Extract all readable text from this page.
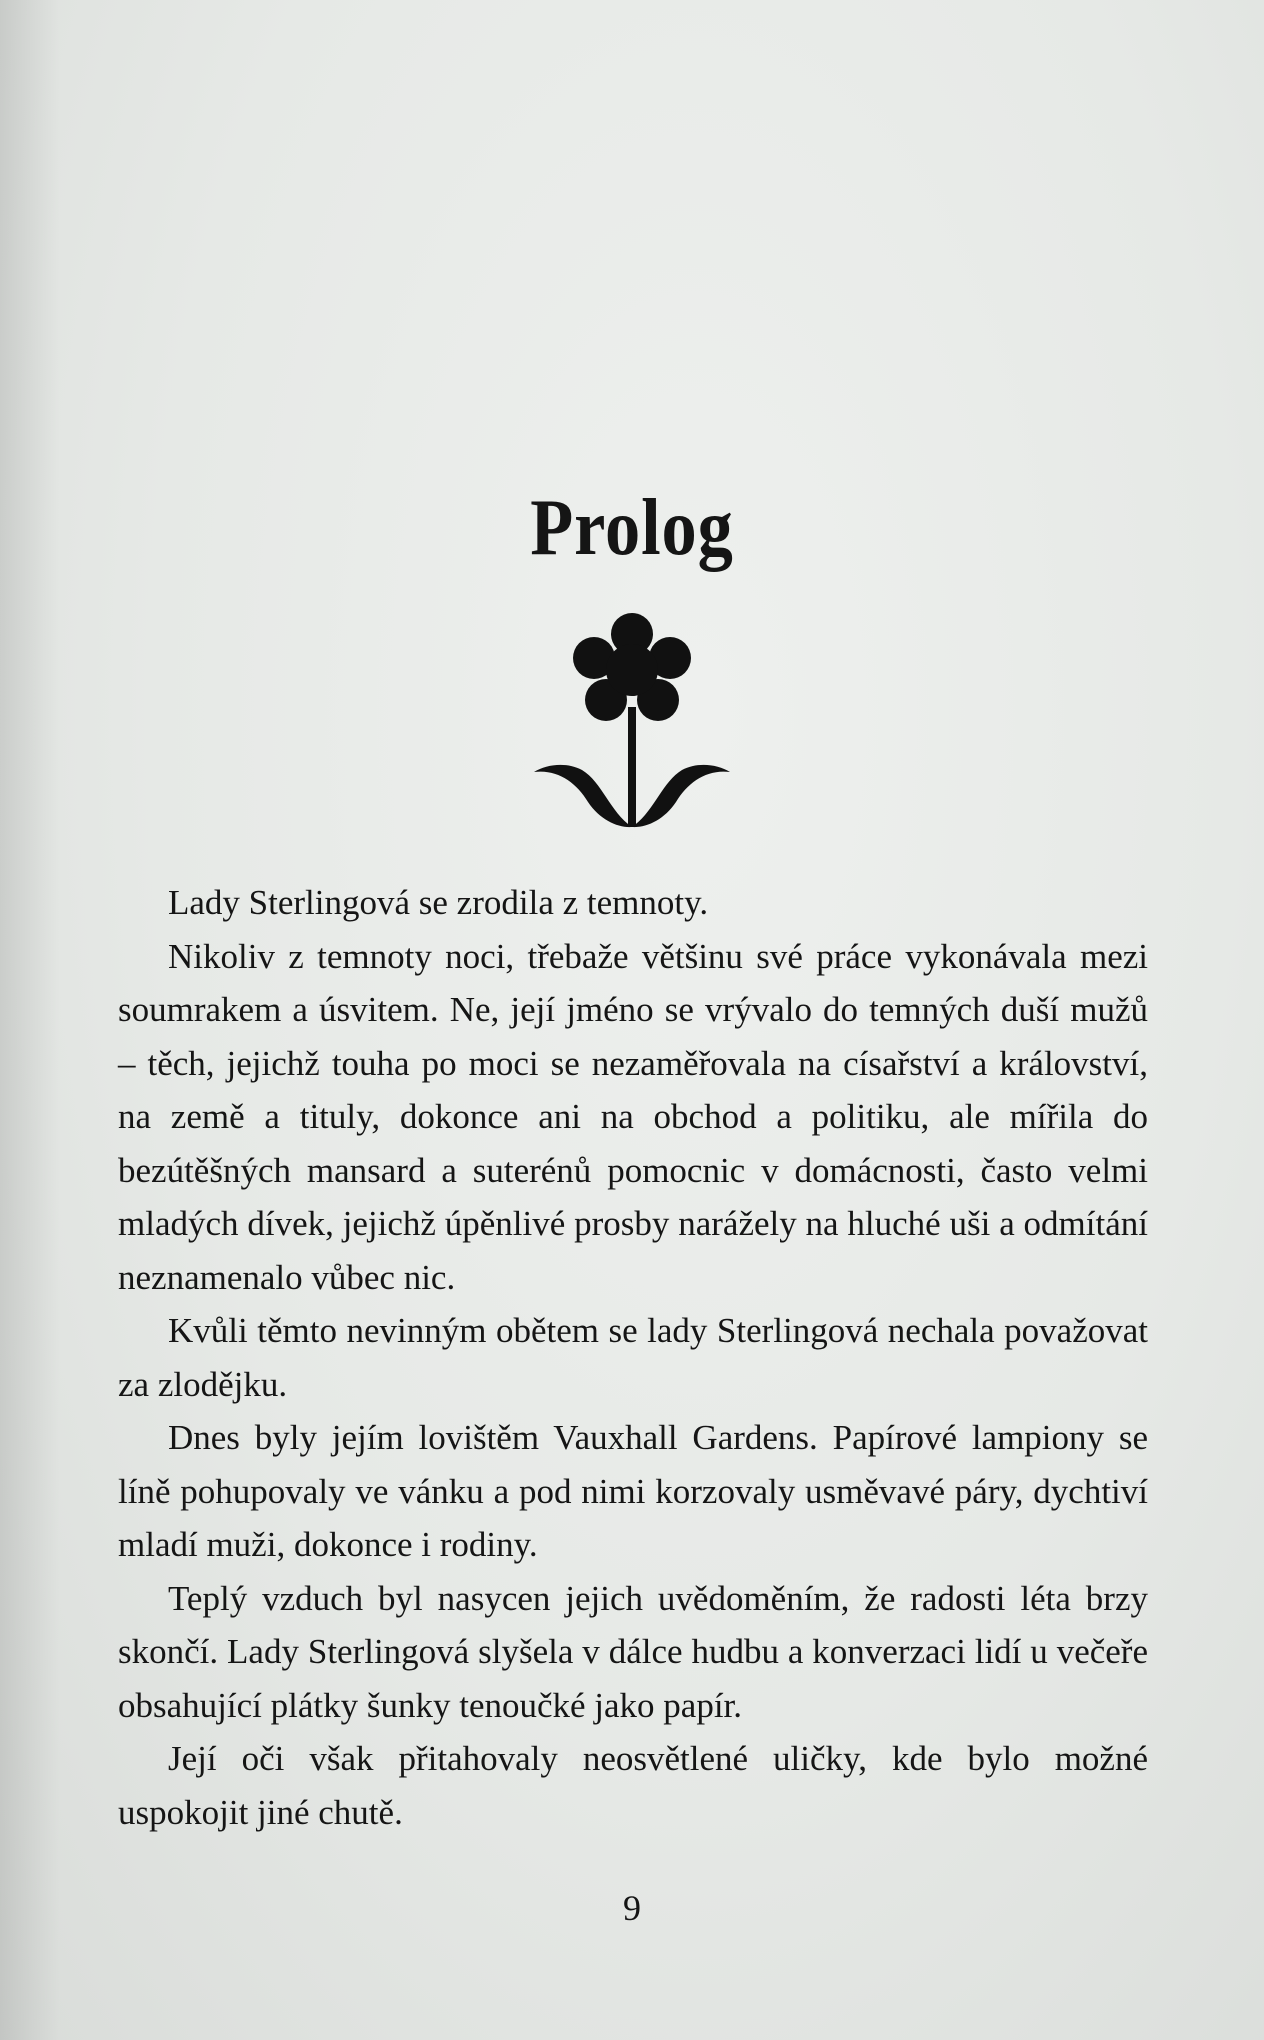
Prolog

Lady Sterlingová se zrodila z temnoty.

Nikoliv z temnoty noci, třebaže většinu své práce vykonávala mezi soumrakem a úsvitem. Ne, její jméno se vrývalo do temných duší mužů – těch, jejichž touha po moci se nezaměřovala na císařství a království, na země a tituly, dokonce ani na obchod a politiku, ale mířila do bezútěšných mansard a suterénů pomocnic v domácnosti, často velmi mladých dívek, jejichž úpěnlivé prosby narážely na hluché uši a odmítání neznamenalo vůbec nic.

Kvůli těmto nevinným obětem se lady Sterlingová nechala považovat za zlodějku.

Dnes byly jejím lovištěm Vauxhall Gardens. Papírové lampiony se líně pohupovaly ve vánku a pod nimi korzovaly usměvavé páry, dychtiví mladí muži, dokonce i rodiny.

Teplý vzduch byl nasycen jejich uvědoměním, že radosti léta brzy skončí. Lady Sterlingová slyšela v dálce hudbu a konverzaci lidí u večeře obsahující plátky šunky tenoučké jako papír.

Její oči však přitahovaly neosvětlené uličky, kde bylo možné uspokojit jiné chutě.

9
